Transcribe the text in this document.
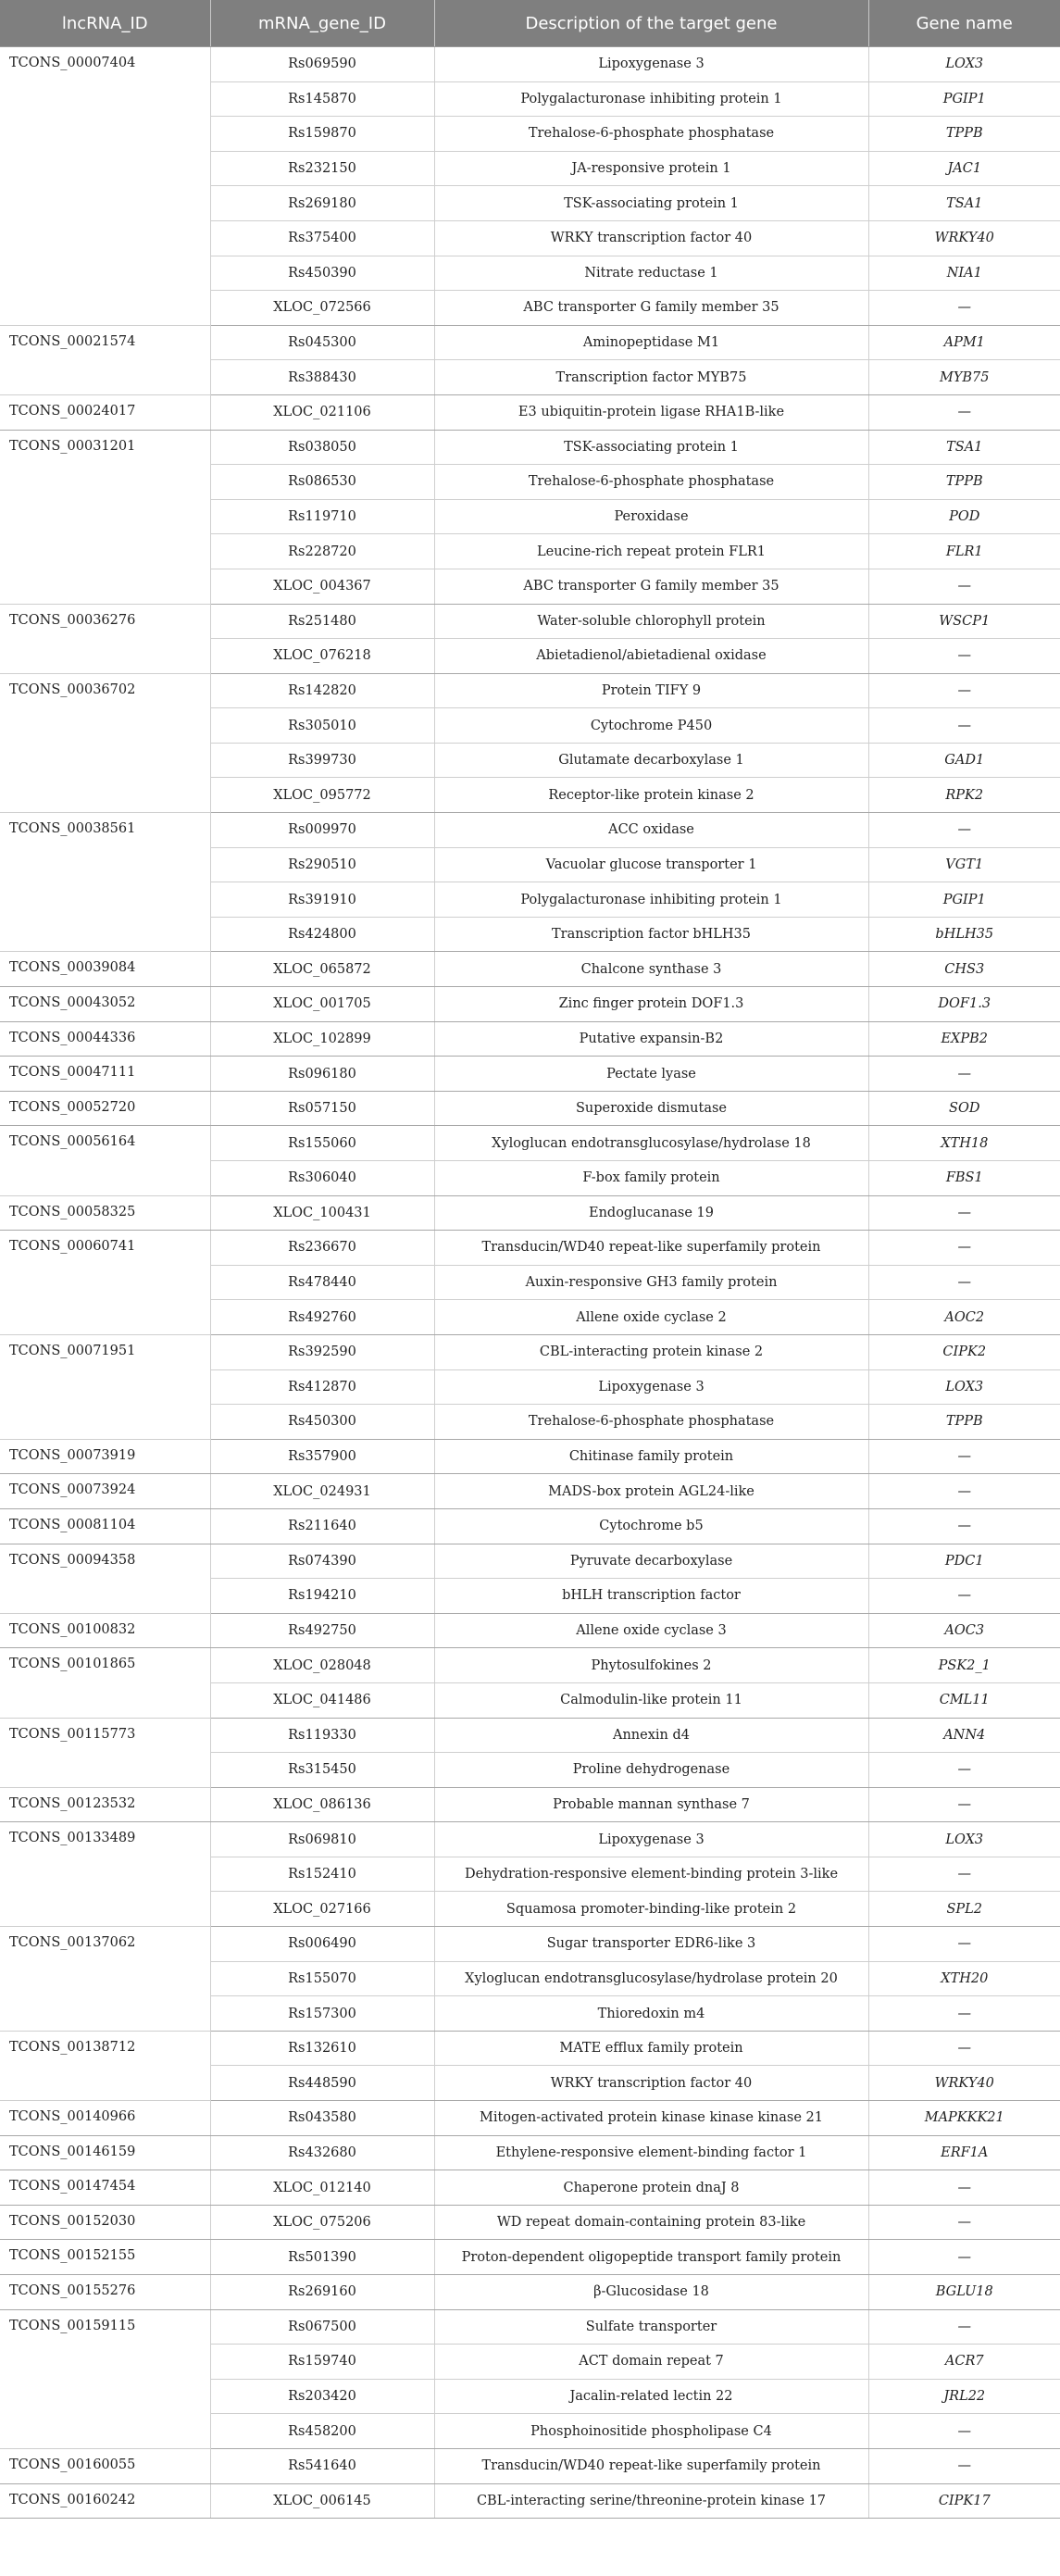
lncRNA_ID	mRNA_gene_ID	Description of the target gene	Gene name
TCONS_00007404	Rs069590	Lipoxygenase 3	LOX3
	Rs145870	Polygalacturonase inhibiting protein 1	PGIP1
	Rs159870	Trehalose-6-phosphate phosphatase	TPPB
	Rs232150	JA-responsive protein 1	JAC1
	Rs269180	TSK-associating protein 1	TSA1
	Rs375400	WRKY transcription factor 40	WRKY40
	Rs450390	Nitrate reductase 1	NIA1
	XLOC_072566	ABC transporter G family member 35	—
TCONS_00021574	Rs045300	Aminopeptidase M1	APM1
	Rs388430	Transcription factor MYB75	MYB75
TCONS_00024017	XLOC_021106	E3 ubiquitin-protein ligase RHA1B-like	—
TCONS_00031201	Rs038050	TSK-associating protein 1	TSA1
	Rs086530	Trehalose-6-phosphate phosphatase	TPPB
	Rs119710	Peroxidase	POD
	Rs228720	Leucine-rich repeat protein FLR1	FLR1
	XLOC_004367	ABC transporter G family member 35	—
TCONS_00036276	Rs251480	Water-soluble chlorophyll protein	WSCP1
	XLOC_076218	Abietadienol/abietadienal oxidase	—
TCONS_00036702	Rs142820	Protein TIFY 9	—
	Rs305010	Cytochrome P450	—
	Rs399730	Glutamate decarboxylase 1	GAD1
	XLOC_095772	Receptor-like protein kinase 2	RPK2
TCONS_00038561	Rs009970	ACC oxidase	—
	Rs290510	Vacuolar glucose transporter 1	VGT1
	Rs391910	Polygalacturonase inhibiting protein 1	PGIP1
	Rs424800	Transcription factor bHLH35	bHLH35
TCONS_00039084	XLOC_065872	Chalcone synthase 3	CHS3
TCONS_00043052	XLOC_001705	Zinc finger protein DOF1.3	DOF1.3
TCONS_00044336	XLOC_102899	Putative expansin-B2	EXPB2
TCONS_00047111	Rs096180	Pectate lyase	—
TCONS_00052720	Rs057150	Superoxide dismutase	SOD
TCONS_00056164	Rs155060	Xyloglucan endotransglucosylase/hydrolase 18	XTH18
	Rs306040	F-box family protein	FBS1
TCONS_00058325	XLOC_100431	Endoglucanase 19	—
TCONS_00060741	Rs236670	Transducin/WD40 repeat-like superfamily protein	—
	Rs478440	Auxin-responsive GH3 family protein	—
	Rs492760	Allene oxide cyclase 2	AOC2
TCONS_00071951	Rs392590	CBL-interacting protein kinase 2	CIPK2
	Rs412870	Lipoxygenase 3	LOX3
	Rs450300	Trehalose-6-phosphate phosphatase	TPPB
TCONS_00073919	Rs357900	Chitinase family protein	—
TCONS_00073924	XLOC_024931	MADS-box protein AGL24-like	—
TCONS_00081104	Rs211640	Cytochrome b5	—
TCONS_00094358	Rs074390	Pyruvate decarboxylase	PDC1
	Rs194210	bHLH transcription factor	—
TCONS_00100832	Rs492750	Allene oxide cyclase 3	AOC3
TCONS_00101865	XLOC_028048	Phytosulfokines 2	PSK2_1
	XLOC_041486	Calmodulin-like protein 11	CML11
TCONS_00115773	Rs119330	Annexin d4	ANN4
	Rs315450	Proline dehydrogenase	—
TCONS_00123532	XLOC_086136	Probable mannan synthase 7	—
TCONS_00133489	Rs069810	Lipoxygenase 3	LOX3
	Rs152410	Dehydration-responsive element-binding protein 3-like	—
	XLOC_027166	Squamosa promoter-binding-like protein 2	SPL2
TCONS_00137062	Rs006490	Sugar transporter EDR6-like 3	—
	Rs155070	Xyloglucan endotransglucosylase/hydrolase protein 20	XTH20
	Rs157300	Thioredoxin m4	—
TCONS_00138712	Rs132610	MATE efflux family protein	—
	Rs448590	WRKY transcription factor 40	WRKY40
TCONS_00140966	Rs043580	Mitogen-activated protein kinase kinase kinase 21	MAPKKK21
TCONS_00146159	Rs432680	Ethylene-responsive element-binding factor 1	ERF1A
TCONS_00147454	XLOC_012140	Chaperone protein dnaJ 8	—
TCONS_00152030	XLOC_075206	WD repeat domain-containing protein 83-like	—
TCONS_00152155	Rs501390	Proton-dependent oligopeptide transport family protein	—
TCONS_00155276	Rs269160	β-Glucosidase 18	BGLU18
TCONS_00159115	Rs067500	Sulfate transporter	—
	Rs159740	ACT domain repeat 7	ACR7
	Rs203420	Jacalin-related lectin 22	JRL22
	Rs458200	Phosphoinositide phospholipase C4	—
TCONS_00160055	Rs541640	Transducin/WD40 repeat-like superfamily protein	—
TCONS_00160242	XLOC_006145	CBL-interacting serine/threonine-protein kinase 17	CIPK17
